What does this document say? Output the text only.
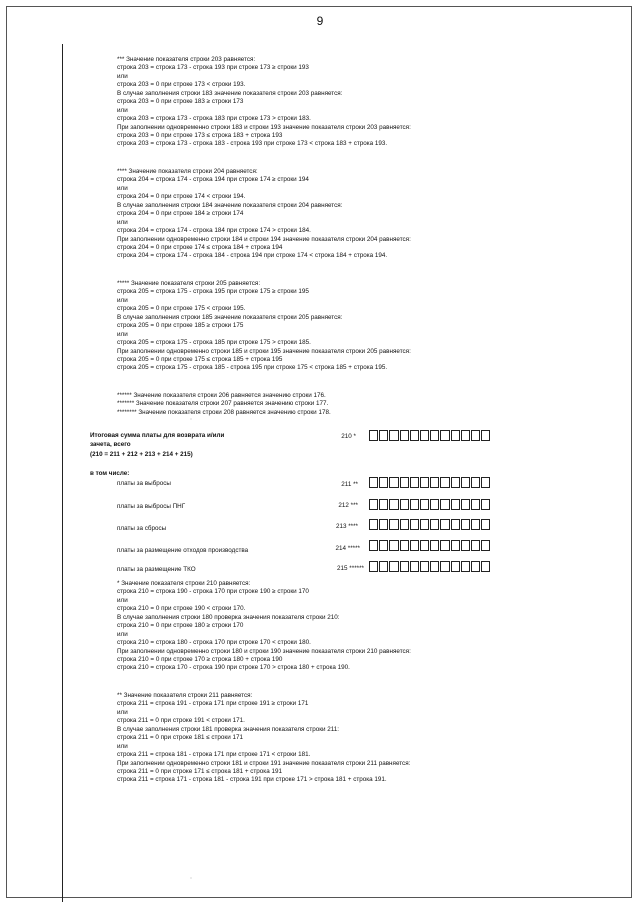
9
*** Значение показателя строки 203 равняется:
строка 203 = строка 173 - строка 193 при строке 173 ≥ строки 193
или
строка 203 = 0 при строке 173 < строки 193.
В случае заполнения строки 183 значение показателя строки 203 равняется:
строка 203 = 0 при строке 183 ≥ строки 173
или
строка 203 = строка 173 - строка 183 при строке 173 > строки 183.
При заполнении одновременно строки 183 и строки 193 значение показателя строки 203 равняется:
строка 203 = 0 при строке 173 ≤ строка 183 + строка 193
строка 203 = строка 173 - строка 183 - строка 193 при строке 173 < строка 183 + строка 193.
**** Значение показателя строки 204 равняется:
строка 204 = строка 174 - строка 194 при строке 174 ≥ строки 194
или
строка 204 = 0 при строке 174 < строки 194.
В случае заполнения строки 184 значение показателя строки 204 равняется:
строка 204 = 0 при строке 184 ≥ строки 174
или
строка 204 = строка 174 - строка 184 при строке 174 > строки 184.
При заполнении одновременно строки 184 и строки 194 значение показателя строки 204 равняется:
строка 204 = 0 при строке 174 ≤ строка 184 + строка 194
строка 204 = строка 174 - строка 184 - строка 194 при строке 174 < строка 184 + строка 194.
***** Значение показателя строки 205 равняется:
строка 205 = строка 175 - строка 195 при строке 175 ≥ строки 195
или
строка 205 = 0 при строке 175 < строки 195.
В случае заполнения строки 185 значение показателя строки 205 равняется:
строка 205 = 0 при строке 185 ≥ строки 175
или
строка 205 = строка 175 - строка 185 при строке 175 > строки 185.
При заполнении одновременно строки 185 и строки 195 значение показателя строки 205 равняется:
строка 205 = 0 при строке 175 ≤ строка 185 + строка 195
строка 205 = строка 175 - строка 185 - строка 195 при строке 175 < строка 185 + строка 195.
****** Значение показателя строки 206 равняется значению строки 176.
******* Значение показателя строки 207 равняется значению строки 177.
******** Значение показателя строки 208 равняется значению строки 178.
ˈ
Итоговая сумма платы для возврата и/или
зачета, всего
(210 = 211 + 212 + 213 + 214 + 215)
210 *
в том числе:
платы за выбросы	211 **
платы за выбросы ПНГ	212 ***
платы за сбросы	213 ****
платы за размещение отходов производства	214 *****
платы за размещение ТКО	215 ******
* Значение показателя строки 210 равняется:
строка 210 = строка 190 - строка 170 при строке 190 ≥ строки 170
или
строка 210 = 0 при строке 190 < строки 170.
В случае заполнения строки 180 проверка значения показателя строки 210:
строка 210 = 0 при строке 180 ≥ строки 170
или
строка 210 = строка 180 - строка 170 при строке 170 < строки 180.
При заполнении одновременно строки 180 и строки 190 значение показателя строки 210 равняется:
строка 210 = 0 при строке 170 ≥ строка 180 + строка 190
строка 210 = строка 170 - строка 190 при строке 170 > строка 180 + строка 190.
** Значение показателя строки 211 равняется:
строка 211 = строка 191 - строка 171 при строке 191 ≥ строки 171
или
строка 211 = 0 при строке 191 < строки 171.
В случае заполнения строки 181 проверка значения показателя строки 211:
строка 211 = 0 при строке 181 ≤ строки 171
или
строка 211 = строка 181 - строка 171 при строке 171 < строки 181.
При заполнении одновременно строки 181 и строки 191 значение показателя строки 211 равняется:
строка 211 = 0 при строке 171 ≤ строка 181 + строка 191
строка 211 = строка 171 - строка 181 - строка 191 при строке 171 > строка 181 + строка 191.
ˈ
